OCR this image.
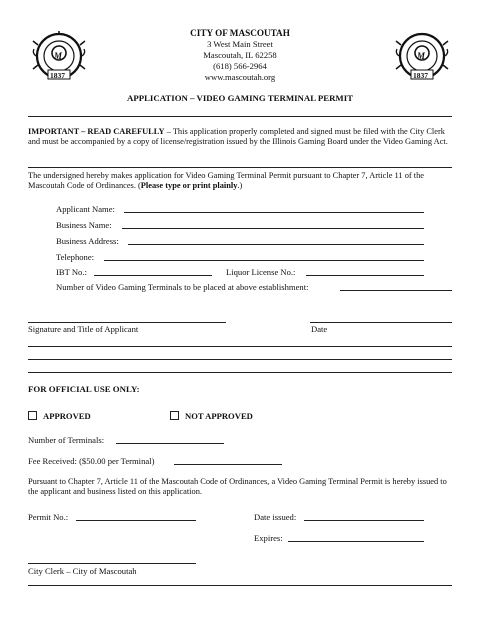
M
1837
M
1837
CITY OF MASCOUTAH
3 West Main Street
Mascoutah, IL 62258
(618) 566-2964
www.mascoutah.org
APPLICATION – VIDEO GAMING TERMINAL PERMIT
IMPORTANT – READ CAREFULLY – This application properly completed and signed must be filed with the City Clerk and must be accompanied by a copy of license/registration issued by the Illinois Gaming Board under the Video Gaming Act.
The undersigned hereby makes application for Video Gaming Terminal Permit pursuant to Chapter 7, Article 11 of the Mascoutah Code of Ordinances. (Please type or print plainly.)
Applicant Name:
Business Name:
Business Address:
Telephone:
IBT No.:	Liquor License No.:
Number of Video Gaming Terminals to be placed at above establishment:
Signature and Title of Applicant	Date
FOR OFFICIAL USE ONLY:
APPROVED	NOT APPROVED
Number of Terminals:
Fee Received: ($50.00 per Terminal)
Pursuant to Chapter 7, Article 11 of the Mascoutah Code of Ordinances, a Video Gaming Terminal Permit is hereby issued to the applicant and business listed on this application.
Permit No.:	Date issued:
Expires:
City Clerk – City of Mascoutah
